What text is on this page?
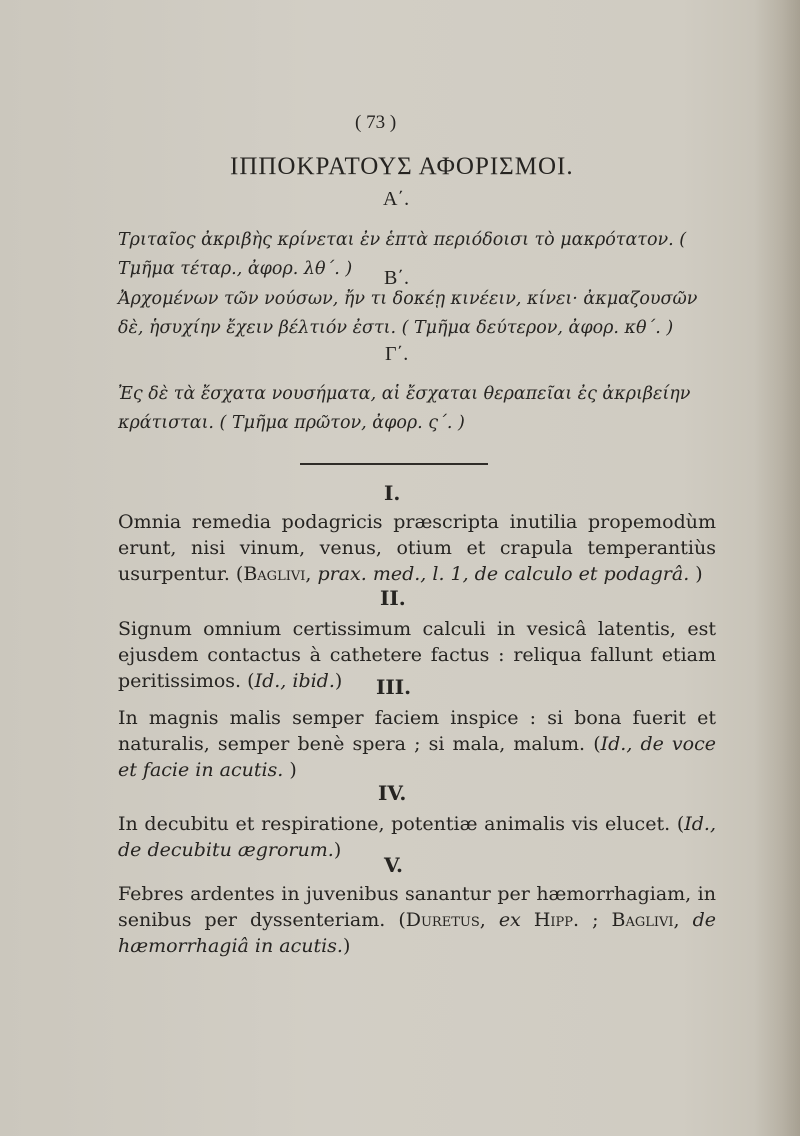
( 73 )
ΙΠΠΟΚΡΑΤΟΥΣ ΑΦΟΡΙΣΜΟΙ.
Α΄.
Τριταῖος ἀκριβὴς κρίνεται ἐν ἑπτὰ περιόδοισι τὸ μακρότατον. ( Τμῆμα τέταρ., ἀφορ. λθ΄. )	Β΄.
Ἀρχομένων τῶν νούσων, ἤν τι δοκέῃ κινέειν, κίνει· ἀκμαζουσῶν δὲ, ἡσυχίην ἔχειν βέλτιόν ἐστι. ( Τμῆμα δεύτερον, ἀφορ. κθ΄. )
Γ΄.
Ἐς δὲ τὰ ἔσχατα νουσήματα, αἱ ἔσχαται θεραπεῖαι ἐς ἀκριβείην κράτισται. ( Τμῆμα πρῶτον, ἀφορ. ς΄. )
I.
Omnia remedia podagricis præscripta inutilia propemodùm erunt, nisi vinum, venus, otium et crapula temperantiùs usurpentur. (Baglivi, prax. med., l. 1, de calculo et podagrâ. )
II.
Signum omnium certissimum calculi in vesicâ latentis, est ejusdem contactus à cathetere factus : reliqua fallunt etiam peritissimos. (Id., ibid.)	III.
In magnis malis semper faciem inspice : si bona fuerit et naturalis, semper benè spera ; si mala, malum. (Id., de voce et facie in acutis. )
IV.
In decubitu et respiratione, potentiæ animalis vis elucet. (Id., de decubitu ægrorum.)
V.
Febres ardentes in juvenibus sanantur per hæmorrhagiam, in senibus per dyssenteriam. (Duretus, ex Hipp. ; Baglivi, de hæmorrhagiâ in acutis.)
